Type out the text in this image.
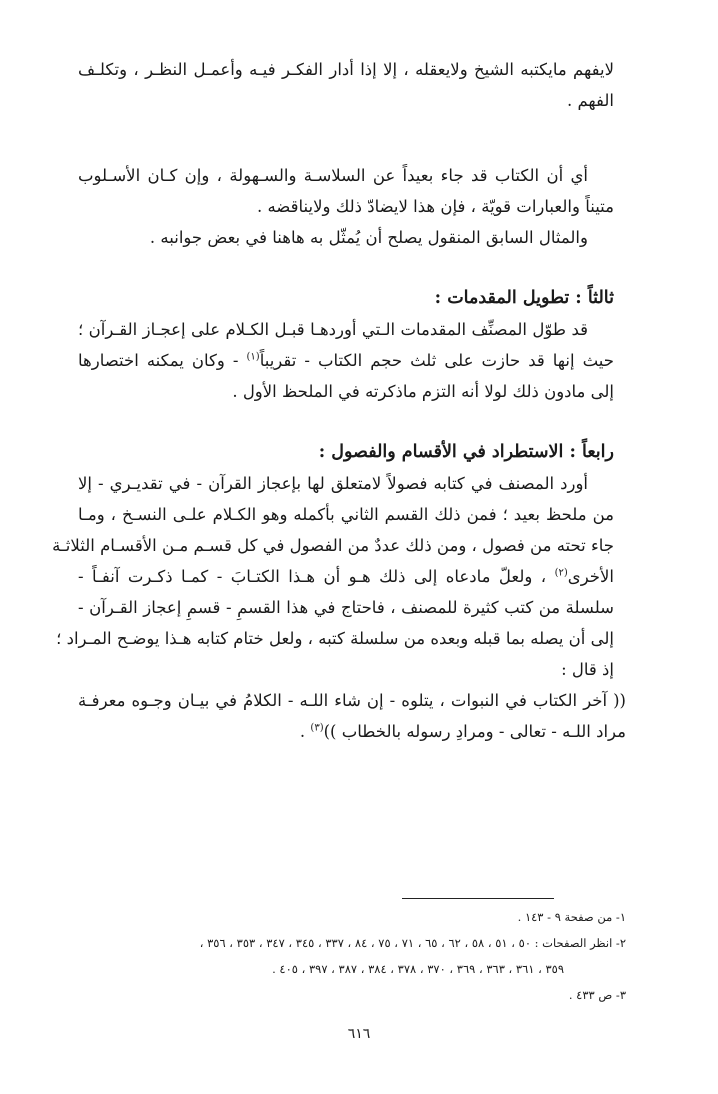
لايفهم مايكتبه الشيخ ولايعقله ، إلا إذا أدار الفكـر فيـه وأعمـل النظـر ، وتكلـف
الفهم .
أي أن الكتاب قد جاء بعيداً عن السلاسـة والسـهولة ، وإن كـان الأسـلوب
متيناً والعبارات قويّة ، فإن هذا لايضادّ ذلك ولايناقضه .
والمثال السابق المنقول يصلح أن يُمثّل به هاهنا في بعض جوانبه .
ثالثاً : تطويل المقدمات :
قد طوّل المصنِّف المقدمات الـتي أوردهـا قبـل الكـلام على إعجـاز القـرآن ؛
حيث إنها قد حازت على ثلث حجم الكتاب - تقريباً$^{(١)}$ - وكان يمكنه اختصارها
إلى مادون ذلك لولا أنه التزم ماذكرته في الملحظ الأول .
رابعاً : الاستطراد في الأقسام والفصول :
أورد المصنف في كتابه فصولاً لامتعلق لها بإعجاز القرآن - في تقديـري - إلا
من ملحظ بعيد ؛ فمن ذلك القسم الثاني بأكمله وهو الكـلام علـى النسـخ ، ومـا
جاء تحته من فصول ، ومن ذلك عددٌ من الفصول في كل قسـم مـن الأقسـام الثلاثـة
الأخرى$^{(٢)}$ ، ولعلّ مادعاه إلى ذلك هـو أن هـذا الكتـابَ - كمـا ذكـرت آنفـاً -
سلسلة من كتب كثيرة للمصنف ، فاحتاج في هذا القسمِ - قسمِ إعجاز القـرآن -
إلى أن يصله بما قبله وبعده من سلسلة كتبه ، ولعل ختام كتابه هـذا يوضـح المـراد ؛
إذ قال :
(( آخر الكتاب في النبوات ، يتلوه - إن شاء اللـه - الكلامُ في بيـان وجـوه معرفـة
مراد اللـه - تعالى - ومرادِ رسوله بالخطاب ))$^{(٣)}$ .
١- من صفحة ٩ - ١٤٣ .
٢- انظر الصفحات : ٥٠ ، ٥١ ، ٥٨ ، ٦٢ ، ٦٥ ، ٧١ ، ٧٥ ، ٨٤ ، ٣٣٧ ، ٣٤٥ ، ٣٤٧ ، ٣٥٣ ، ٣٥٦ ،
٣٥٩ ، ٣٦١ ، ٣٦٣ ، ٣٦٩ ، ٣٧٠ ، ٣٧٨ ، ٣٨٤ ، ٣٨٧ ، ٣٩٧ ، ٤٠٥ .
٣- ص ٤٣٣ .
٦١٦
